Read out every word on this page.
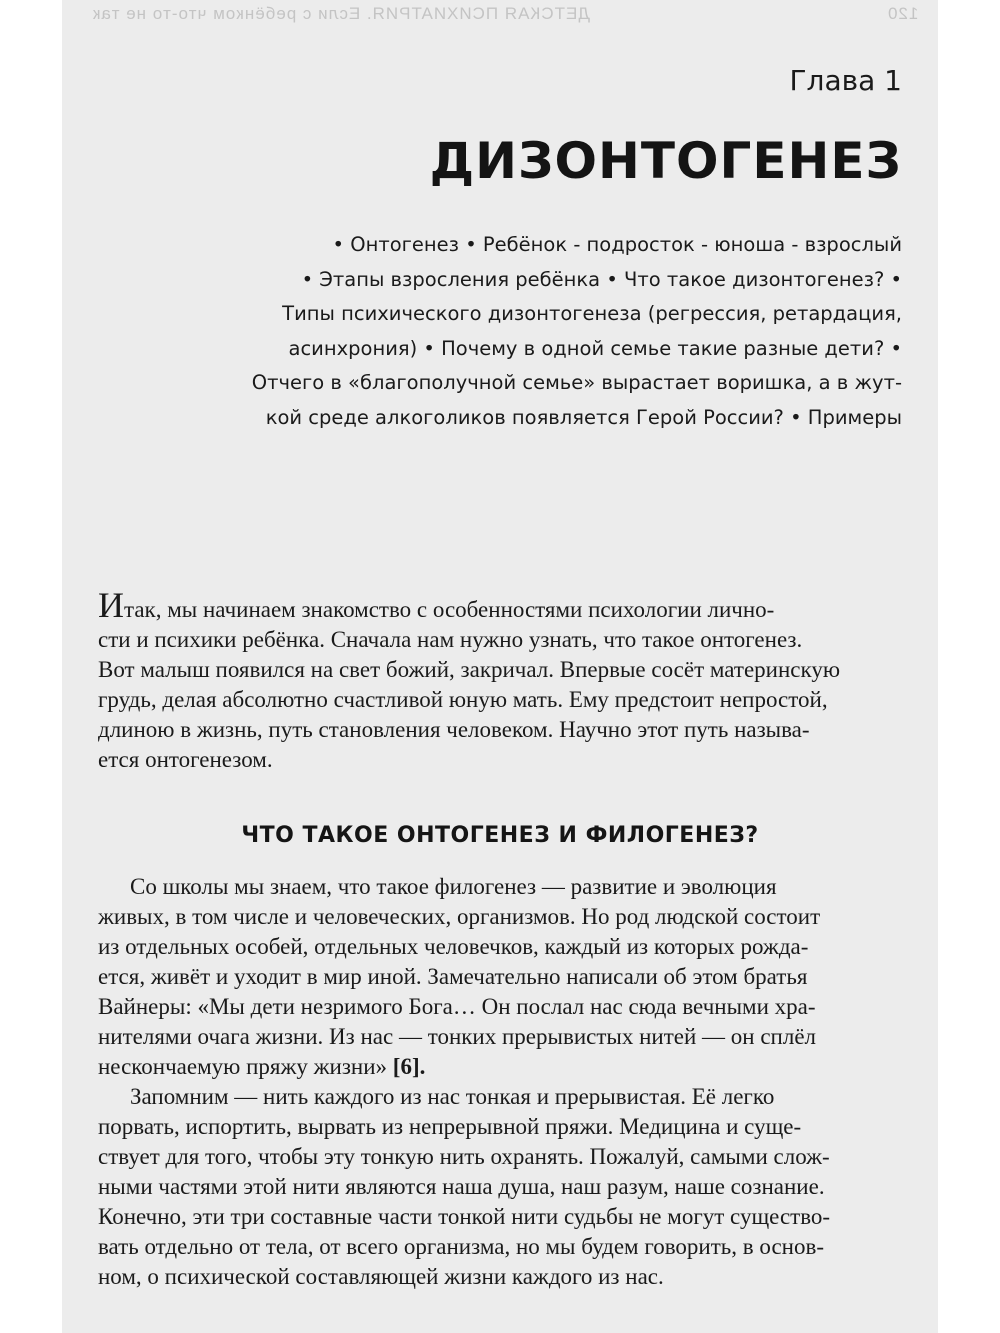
ДЕТСКАЯ ПСИХИАТРИЯ. Если с ребёнком что-то не так	120
Глава 1
ДИЗОНТОГЕНЕЗ

• Онтогенез • Ребёнок - подросток - юноша - взрослый

• Этапы взросления ребёнка • Что такое дизонтогенез? •

Типы психического дизонтогенеза (регрессия, ретардация,

асинхрония) • Почему в одной семье такие разные дети? •

Отчего в «благополучной семье» вырастает воришка, а в жут-

кой среде алкоголиков появляется Герой России? • Примеры

Итак, мы начинаем знакомство с особенностями психологии лично-

сти и психики ребёнка. Сначала нам нужно узнать, что такое онтогенез.

Вот малыш появился на свет божий, закричал. Впервые сосёт материнскую

грудь, делая абсолютно счастливой юную мать. Ему предстоит непростой,

длиною в жизнь, путь становления человеком. Научно этот путь называ-

ется онтогенезом.

ЧТО ТАКОЕ ОНТОГЕНЕЗ И ФИЛОГЕНЕЗ?

Со школы мы знаем, что такое филогенез — развитие и эволюция

живых, в том числе и человеческих, организмов. Но род людской состоит

из отдельных особей, отдельных человечков, каждый из которых рожда-

ется, живёт и уходит в мир иной. Замечательно написали об этом братья

Вайнеры: «Мы дети незримого Бога… Он послал нас сюда вечными хра-

нителями очага жизни. Из нас — тонких прерывистых нитей — он сплёл

нескончаемую пряжу жизни» [6].

Запомним — нить каждого из нас тонкая и прерывистая. Её легко

порвать, испортить, вырвать из непрерывной пряжи. Медицина и суще-

ствует для того, чтобы эту тонкую нить охранять. Пожалуй, самыми слож-

ными частями этой нити являются наша душа, наш разум, наше сознание.

Конечно, эти три составные части тонкой нити судьбы не могут существо-

вать отдельно от тела, от всего организма, но мы будем говорить, в основ-

ном, о психической составляющей жизни каждого из нас.
